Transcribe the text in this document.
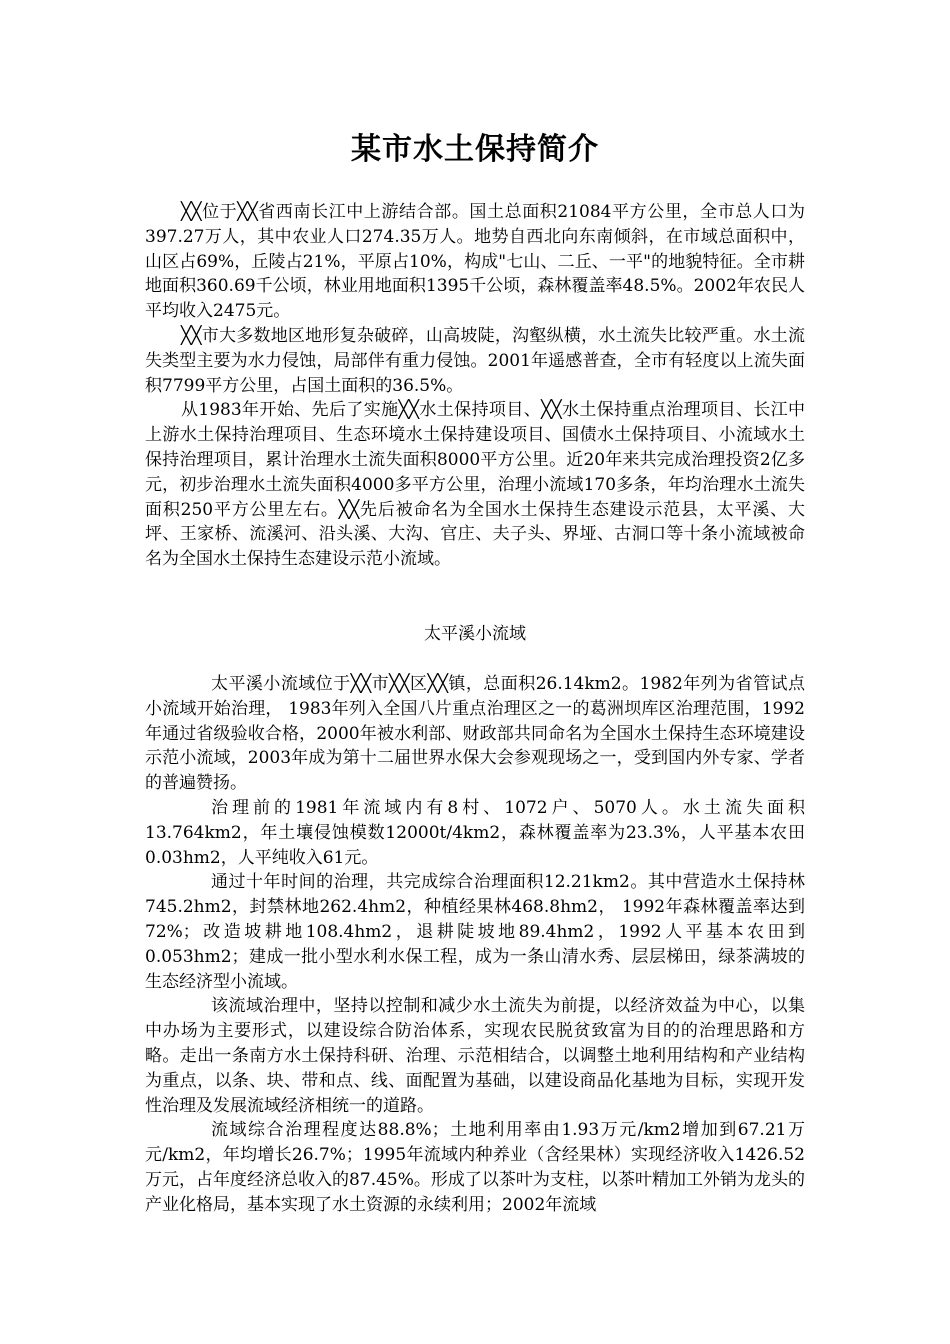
某市水土保持简介

╳╳位于╳╳省西南长江中上游结合部。国土总面积21084平方公里，全市总人口为397.27万人，其中农业人口274.35万人。地势自西北向东南倾斜，在市域总面积中，山区占69%，丘陵占21%，平原占10%，构成"七山、二丘、一平"的地貌特征。全市耕地面积360.69千公顷，林业用地面积1395千公顷，森林覆盖率48.5%。2002年农民人平均收入2475元。

╳╳市大多数地区地形复杂破碎，山高坡陡，沟壑纵横，水土流失比较严重。水土流失类型主要为水力侵蚀，局部伴有重力侵蚀。2001年遥感普查，全市有轻度以上流失面积7799平方公里，占国土面积的36.5%。

从1983年开始、先后了实施╳╳水土保持项目、╳╳水土保持重点治理项目、长江中上游水土保持治理项目、生态环境水土保持建设项目、国债水土保持项目、小流域水土保持治理项目，累计治理水土流失面积8000平方公里。近20年来共完成治理投资2亿多元，初步治理水土流失面积4000多平方公里，治理小流域170多条，年均治理水土流失面积250平方公里左右。╳╳先后被命名为全国水土保持生态建设示范县，太平溪、大坪、王家桥、流溪河、沿头溪、大沟、官庄、夫子头、界垭、古洞口等十条小流域被命名为全国水土保持生态建设示范小流域。

太平溪小流域

太平溪小流域位于╳╳市╳╳区╳╳镇，总面积26.14km2。1982年列为省管试点小流域开始治理， 1983年列入全国八片重点治理区之一的葛洲坝库区治理范围，1992年通过省级验收合格，2000年被水利部、财政部共同命名为全国水土保持生态环境建设示范小流域，2003年成为第十二届世界水保大会参观现场之一，受到国内外专家、学者的普遍赞扬。

治理前的1981年流域内有8村、1072户、5070人。水土流失面积13.764km2，年土壤侵蚀模数12000t/4km2，森林覆盖率为23.3%，人平基本农田0.03hm2，人平纯收入61元。

通过十年时间的治理，共完成综合治理面积12.21km2。其中营造水土保持林745.2hm2，封禁林地262.4hm2，种植经果林468.8hm2， 1992年森林覆盖率达到72%；改造坡耕地108.4hm2，退耕陡坡地89.4hm2，1992人平基本农田到0.053hm2；建成一批小型水利水保工程，成为一条山清水秀、层层梯田，绿茶满坡的生态经济型小流域。

该流域治理中，坚持以控制和减少水土流失为前提，以经济效益为中心，以集中办场为主要形式，以建设综合防治体系，实现农民脱贫致富为目的的治理思路和方略。走出一条南方水土保持科研、治理、示范相结合，以调整土地利用结构和产业结构为重点，以条、块、带和点、线、面配置为基础，以建设商品化基地为目标，实现开发性治理及发展流域经济相统一的道路。

流域综合治理程度达88.8%；土地利用率由1.93万元/km2增加到67.21万元/km2，年均增长26.7%；1995年流域内种养业（含经果林）实现经济收入1426.52万元，占年度经济总收入的87.45%。形成了以茶叶为支柱，以茶叶精加工外销为龙头的产业化格局，基本实现了水土资源的永续利用；2002年流域
